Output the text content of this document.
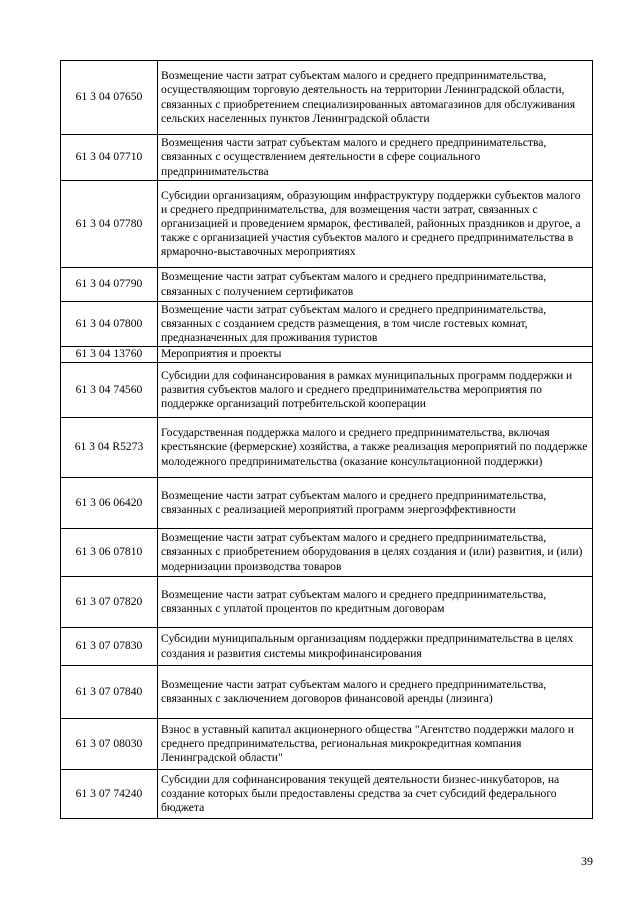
61 3 04 07650	Возмещение части затрат субъектам малого и среднего предпринимательства, осуществляющим торговую деятельность на территории Ленинградской области, связанных с приобретением специализированных автомагазинов для обслуживания сельских населенных пунктов Ленинградской области
61 3 04 07710	Возмещения части затрат субъектам малого и среднего предпринимательства, связанных с осуществлением деятельности в сфере социального предпринимательства
61 3 04 07780	Субсидии организациям, образующим инфраструктуру поддержки субъектов малого и среднего предпринимательства, для возмещения части затрат, связанных с организацией и проведением ярмарок, фестивалей, районных праздников и другое, а также с организацией участия субъектов малого и среднего предпринимательства в ярмарочно-выставочных мероприятиях
61 3 04 07790	Возмещение части затрат субъектам малого и среднего предпринимательства, связанных с получением сертификатов
61 3 04 07800	Возмещение части затрат субъектам малого и среднего предпринимательства, связанных с созданием средств размещения, в том числе гостевых комнат, предназначенных для проживания туристов
61 3 04 13760	Мероприятия и проекты
61 3 04 74560	Субсидии для софинансирования в рамках муниципальных программ поддержки и развития субъектов малого и среднего предпринимательства мероприятия по поддержке организаций потребительской кооперации
61 3 04 R5273	Государственная поддержка малого и среднего предпринимательства, включая крестьянские (фермерские) хозяйства, а также реализация мероприятий по поддержке молодежного предпринимательства (оказание консультационной поддержки)
61 3 06 06420	Возмещение части затрат субъектам малого и среднего предпринимательства, связанных с реализацией мероприятий программ энергоэффективности
61 3 06 07810	Возмещение части затрат субъектам малого и среднего предпринимательства, связанных с приобретением оборудования в целях создания и (или) развития, и (или) модернизации производства товаров
61 3 07 07820	Возмещение части затрат субъектам малого и среднего предпринимательства, связанных с уплатой процентов по кредитным договорам
61 3 07 07830	Субсидии муниципальным организациям поддержки предпринимательства в целях создания и развития системы микрофинансирования
61 3 07 07840	Возмещение части затрат субъектам малого и среднего предпринимательства, связанных с заключением договоров финансовой аренды (лизинга)
61 3 07 08030	Взнос в уставный капитал акционерного общества "Агентство поддержки малого и среднего предпринимательства, региональная микрокредитная компания Ленинградской области"
61 3 07 74240	Субсидии для софинансирования текущей деятельности бизнес-инкубаторов, на создание которых были предоставлены средства за счет субсидий федерального бюджета
39
